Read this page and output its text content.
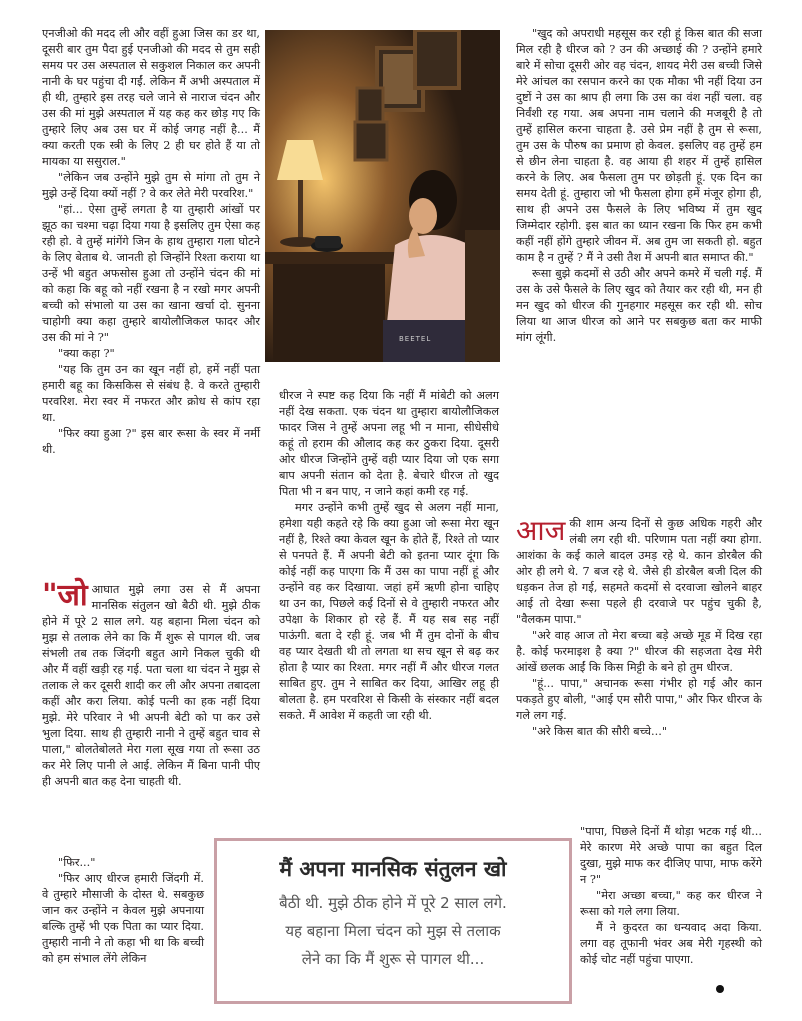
एनजीओ की मदद ली और वहीं हुआ जिस का डर था, दूसरी बार तुम पैदा हुई एनजीओ की मदद से तुम सही समय पर उस अस्पताल से सकुशल निकाल कर अपनी नानी के घर पहुंचा दी गईं. लेकिन मैं अभी अस्पताल में ही थी, तुम्हारे इस तरह चले जाने से नाराज चंदन और उस की मां मुझे अस्पताल में यह कह कर छोड़ गए कि तुम्हारे लिए अब उस घर में कोई जगह नहीं है... मैं क्या करती एक स्त्री के लिए 2 ही घर होते हैं या तो मायका या ससुराल."

"लेकिन जब उन्होंने मुझे तुम से मांगा तो तुम ने मुझे उन्हें दिया क्यों नहीं ? वे कर लेते मेरी परवरिश."

"हां... ऐसा तुम्हें लगता है या तुम्हारी आंखों पर झूठ का चश्मा चढ़ा दिया गया है इसलिए तुम ऐसा कह रही हो. वे तुम्हें मांगेंगे जिन के हाथ तुम्हारा गला घोटने के लिए बेताब थे. जानती हो जिन्होंने रिश्ता कराया था उन्हें भी बहुत अफसोस हुआ तो उन्होंने चंदन की मां को कहा कि बहू को नहीं रखना है न रखो मगर अपनी बच्ची को संभालो या उस का खाना खर्चा दो. सुनना चाहोगी क्या कहा तुम्हारे बायोलौजिकल फादर और उस की मां ने ?"

"क्या कहा ?"

"यह कि तुम उन का खून नहीं हो, हमें नहीं पता हमारी बहू का किसकिस से संबंध है. वे करते तुम्हारी परवरिश. मेरा स्वर में नफरत और क्रोध से कांप रहा था.

"फिर क्या हुआ ?" इस बार रूसा के स्वर में नर्मी थी.

"जो आघात मुझे लगा उस से मैं अपना मानसिक संतुलन खो बैठी थी. मुझे ठीक होने में पूरे 2 साल लगे. यह बहाना मिला चंदन को मुझ से तलाक लेने का कि मैं शुरू से पागल थी. जब संभली तब तक जिंदगी बहुत आगे निकल चुकी थी और मैं वहीं खड़ी रह गई. पता चला था चंदन ने मुझ से तलाक ले कर दूसरी शादी कर ली और अपना तबादला कहीं और करा लिया. कोई पत्नी का हक नहीं दिया मुझे. मेरे परिवार ने भी अपनी बेटी को पा कर उसे भुला दिया. साथ ही तुम्हारी नानी ने तुम्हें बहुत चाव से पाला," बोलतेबोलते मेरा गला सूख गया तो रूसा उठ कर मेरे लिए पानी ले आई. लेकिन मैं बिना पानी पीए ही अपनी बात कह देना चाहती थी.

"फिर..."

"फिर आए धीरज हमारी जिंदगी में. वे तुम्हारे मौसाजी के दोस्त थे. सबकुछ जान कर उन्होंने न केवल मुझे अपनाया बल्कि तुम्हें भी एक पिता का प्यार दिया. तुम्हारी नानी ने तो कहा भी था कि बच्ची को हम संभाल लेंगे लेकिन

BEETEL

धीरज ने स्पष्ट कह दिया कि नहीं मैं मांबेटी को अलग नहीं देख सकता. एक चंदन था तुम्हारा बायोलौजिकल फादर जिस ने तुम्हें अपना लहू भी न माना, सीधेसीधे कहूं तो हराम की औलाद कह कर ठुकरा दिया. दूसरी ओर धीरज जिन्होंने तुम्हें वही प्यार दिया जो एक सगा बाप अपनी संतान को देता है. बेचारे धीरज तो खुद पिता भी न बन पाए, न जाने कहां कमी रह गई.

मगर उन्होंने कभी तुम्हें खुद से अलग नहीं माना, हमेशा यही कहते रहे कि क्या हुआ जो रूसा मेरा खून नहीं है, रिश्ते क्या केवल खून के होते हैं, रिश्ते तो प्यार से पनपते हैं. मैं अपनी बेटी को इतना प्यार दूंगा कि कोई नहीं कह पाएगा कि मैं उस का पापा नहीं हूं और उन्होंने वह कर दिखाया. जहां हमें ऋणी होना चाहिए था उन का, पिछले कई दिनों से वे तुम्हारी नफरत और उपेक्षा के शिकार हो रहे हैं. मैं यह सब सह नहीं पाऊंगी. बता दे रही हूं. जब भी मैं तुम दोनों के बीच वह प्यार देखती थी तो लगता था सच खून से बढ़ कर होता है प्यार का रिश्ता. मगर नहीं मैं और धीरज गलत साबित हुए. तुम ने साबित कर दिया, आखिर लहू ही बोलता है. हम परवरिश से किसी के संस्कार नहीं बदल सकते. मैं आवेश में कहती जा रही थी.

"खुद को अपराधी महसूस कर रही हूं किस बात की सजा मिल रही है धीरज को ? उन की अच्छाई की ? उन्होंने हमारे बारे में सोचा दूसरी ओर वह चंदन, शायद मेरी उस बच्ची जिसे मेरे आंचल का रसपान करने का एक मौका भी नहीं दिया उन दुष्टों ने उस का श्राप ही लगा कि उस का वंश नहीं चला. वह निर्वंशी रह गया. अब अपना नाम चलाने की मजबूरी है तो तुम्हें हासिल करना चाहता है. उसे प्रेम नहीं है तुम से रूसा, तुम उस के पौरुष का प्रमाण हो केवल. इसलिए वह तुम्हें हम से छीन लेना चाहता है. वह आया ही शहर में तुम्हें हासिल करने के लिए. अब फैसला तुम पर छोड़ती हूं. एक दिन का समय देती हूं. तुम्हारा जो भी फैसला होगा हमें मंजूर होगा ही, साथ ही अपने उस फैसले के लिए भविष्य में तुम खुद जिम्मेदार रहोगी. इस बात का ध्यान रखना कि फिर हम कभी कहीं नहीं होंगे तुम्हारे जीवन में. अब तुम जा सकती हो. बहुत काम है न तुम्हें ? मैं ने उसी तैश में अपनी बात समाप्त की."

रूसा बुझे कदमों से उठी और अपने कमरे में चली गई. मैं उस के उसे फैसले के लिए खुद को तैयार कर रही थी, मन ही मन खुद को धीरज की गुनहगार महसूस कर रही थी. सोच लिया था आज धीरज को आने पर सबकुछ बता कर माफी मांग लूंगी.

आज की शाम अन्य दिनों से कुछ अधिक गहरी और लंबी लग रही थी. परिणाम पता नहीं क्या होगा. आशंका के कई काले बादल उमड़ रहे थे. कान डोरबैल की ओर ही लगे थे. 7 बज रहे थे. जैसे ही डोरबैल बजी दिल की धड़कन तेज हो गई, सहमते कदमों से दरवाजा खोलने बाहर आई तो देखा रूसा पहले ही दरवाजे पर पहुंच चुकी है, "वैलकम पापा."

"अरे वाह आज तो मेरा बच्चा बड़े अच्छे मूड में दिख रहा है. कोई फरमाइश है क्या ?" धीरज की सहजता देख मेरी आंखें छलक आईं कि किस मिट्टी के बने हो तुम धीरज.

"हूं... पापा," अचानक रूसा गंभीर हो गई और कान पकड़ते हुए बोली, "आई एम सौरी पापा," और फिर धीरज के गले लग गई.

"अरे किस बात की सौरी बच्चे..."

"पापा, पिछले दिनों मैं थोड़ा भटक गई थी... मेरे कारण मेरे अच्छे पापा का बहुत दिल दुखा, मुझे माफ कर दीजिए पापा, माफ करेंगे न ?"

"मेरा अच्छा बच्चा," कह कर धीरज ने रूसा को गले लगा लिया.

मैं ने कुदरत का धन्यवाद अदा किया. लगा वह तूफानी भंवर अब मेरी गृहस्थी को कोई चोट नहीं पहुंचा पाएगा.

मैं अपना मानसिक संतुलन खो
बैठी थी. मुझे ठीक होने में पूरे 2 साल लगे.
यह बहाना मिला चंदन को मुझ से तलाक
लेने का कि मैं शुरू से पागल थी...
